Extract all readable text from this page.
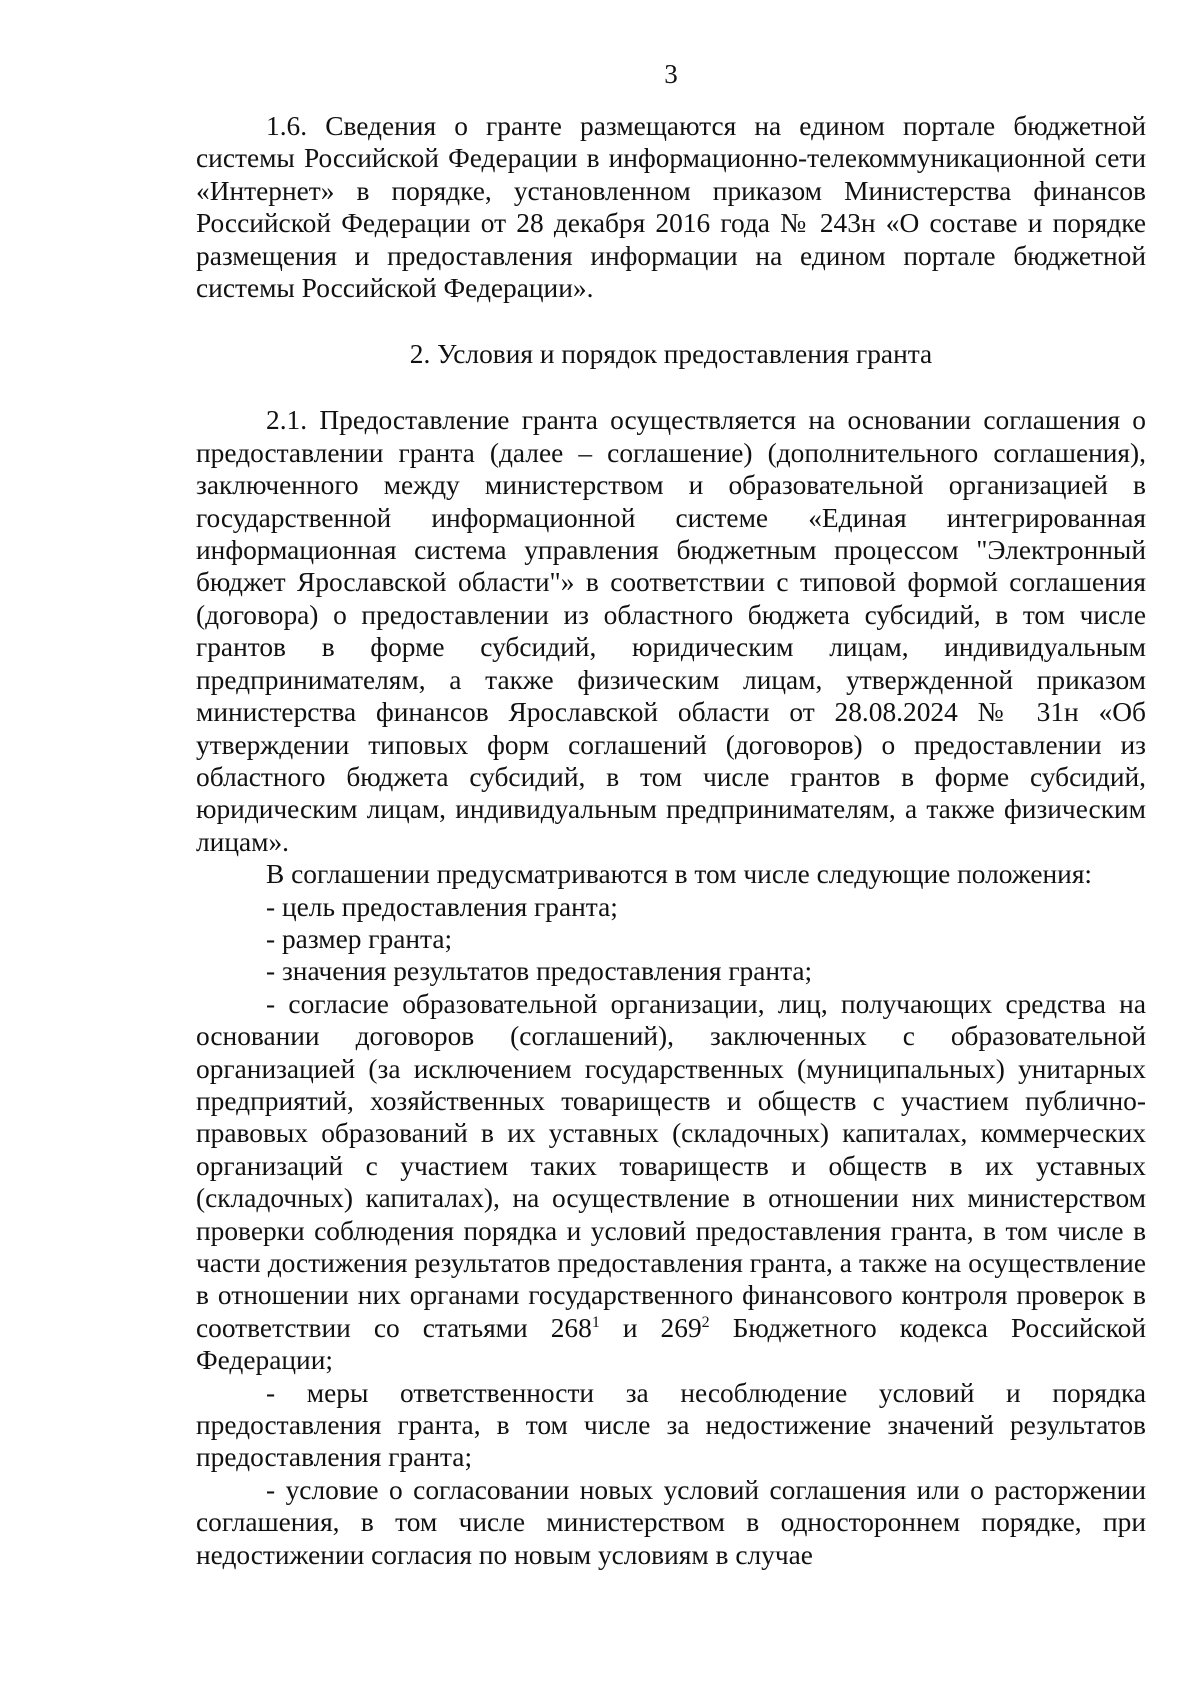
3

1.6. Сведения о гранте размещаются на едином портале бюджетной системы Российской Федерации в информационно-телекоммуникационной сети «Интернет» в порядке, установленном приказом Министерства финансов Российской Федерации от 28 декабря 2016 года № 243н «О составе и порядке размещения и предоставления информации на едином портале бюджетной системы Российской Федерации».

2. Условия и порядок предоставления гранта

2.1. Предоставление гранта осуществляется на основании соглашения о предоставлении гранта (далее – соглашение) (дополнительного соглашения), заключенного между министерством и образовательной организацией в государственной информационной системе «Единая интегрированная информационная система управления бюджетным процессом "Электронный бюджет Ярославской области"» в соответствии с типовой формой соглашения (договора) о предоставлении из областного бюджета субсидий, в том числе грантов в форме субсидий, юридическим лицам, индивидуальным предпринимателям, а также физическим лицам, утвержденной приказом министерства финансов Ярославской области от 28.08.2024 № 31н «Об утверждении типовых форм соглашений (договоров) о предоставлении из областного бюджета субсидий, в том числе грантов в форме субсидий, юридическим лицам, индивидуальным предпринимателям, а также физическим лицам».

В соглашении предусматриваются в том числе следующие положения:

- цель предоставления гранта;

- размер гранта;

- значения результатов предоставления гранта;

- согласие образовательной организации, лиц, получающих средства на основании договоров (соглашений), заключенных с образовательной организацией (за исключением государственных (муниципальных) унитарных предприятий, хозяйственных товариществ и обществ с участием публично-правовых образований в их уставных (складочных) капиталах, коммерческих организаций с участием таких товариществ и обществ в их уставных (складочных) капиталах), на осуществление в отношении них министерством проверки соблюдения порядка и условий предоставления гранта, в том числе в части достижения результатов предоставления гранта, а также на осуществление в отношении них органами государственного финансового контроля проверок в соответствии со статьями $268^1$ и $269^2$ Бюджетного кодекса Российской Федерации;

- меры ответственности за несоблюдение условий и порядка предоставления гранта, в том числе за недостижение значений результатов предоставления гранта;

- условие о согласовании новых условий соглашения или о расторжении соглашения, в том числе министерством в одностороннем порядке, при недостижении согласия по новым условиям в случае
